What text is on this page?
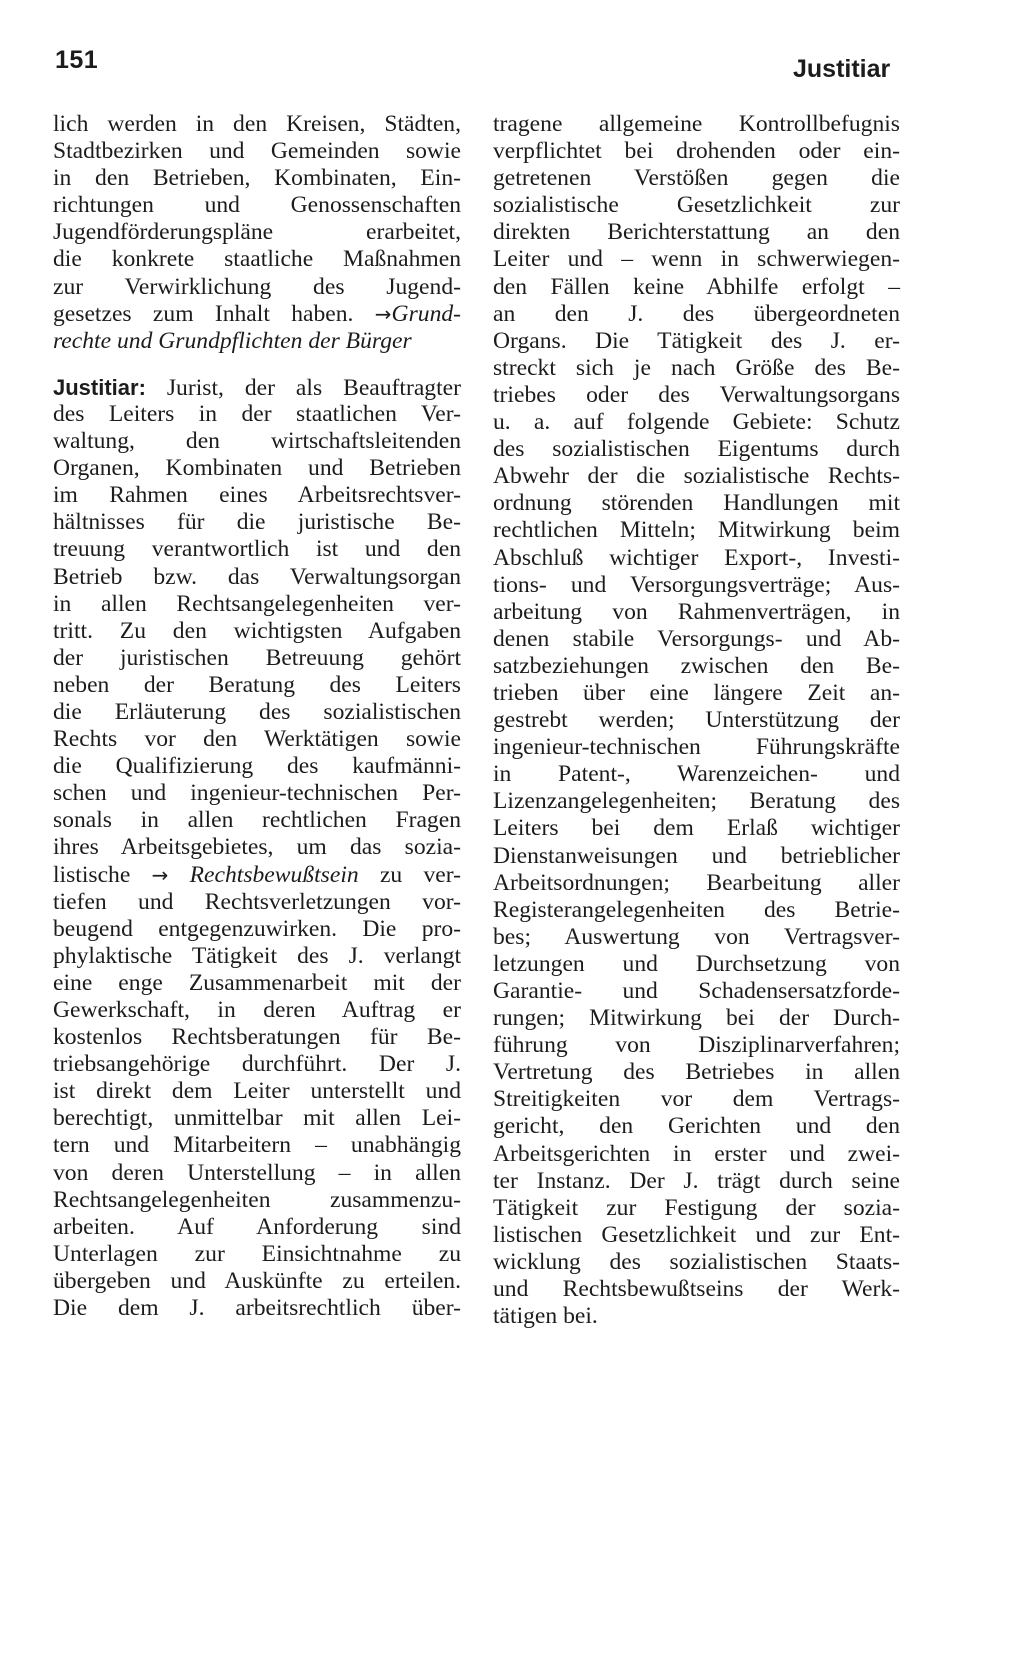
151	Justitiar
lich werden in den Kreisen, Städten,
Stadtbezirken und Gemeinden sowie
in den Betrieben, Kombinaten, Ein-
richtungen und Genossenschaften
Jugendförderungspläne erarbeitet,
die konkrete staatliche Maßnahmen
zur Verwirklichung des Jugend-
gesetzes zum Inhalt haben. →Grund-
rechte und Grundpflichten der Bürger
Justitiar: Jurist, der als Beauftragter
des Leiters in der staatlichen Ver-
waltung, den wirtschaftsleitenden
Organen, Kombinaten und Betrieben
im Rahmen eines Arbeitsrechtsver-
hältnisses für die juristische Be-
treuung verantwortlich ist und den
Betrieb bzw. das Verwaltungsorgan
in allen Rechtsangelegenheiten ver-
tritt. Zu den wichtigsten Aufgaben
der juristischen Betreuung gehört
neben der Beratung des Leiters
die Erläuterung des sozialistischen
Rechts vor den Werktätigen sowie
die Qualifizierung des kaufmänni-
schen und ingenieur-technischen Per-
sonals in allen rechtlichen Fragen
ihres Arbeitsgebietes, um das sozia-
listische → Rechtsbewußtsein zu ver-
tiefen und Rechtsverletzungen vor-
beugend entgegenzuwirken. Die pro-
phylaktische Tätigkeit des J. verlangt
eine enge Zusammenarbeit mit der
Gewerkschaft, in deren Auftrag er
kostenlos Rechtsberatungen für Be-
triebsangehörige durchführt. Der J.
ist direkt dem Leiter unterstellt und
berechtigt, unmittelbar mit allen Lei-
tern und Mitarbeitern – unabhängig
von deren Unterstellung – in allen
Rechtsangelegenheiten zusammenzu-
arbeiten. Auf Anforderung sind
Unterlagen zur Einsichtnahme zu
übergeben und Auskünfte zu erteilen.
Die dem J. arbeitsrechtlich über-
tragene allgemeine Kontrollbefugnis
verpflichtet bei drohenden oder ein-
getretenen Verstößen gegen die
sozialistische Gesetzlichkeit zur
direkten Berichterstattung an den
Leiter und – wenn in schwerwiegen-
den Fällen keine Abhilfe erfolgt –
an den J. des übergeordneten
Organs. Die Tätigkeit des J. er-
streckt sich je nach Größe des Be-
triebes oder des Verwaltungsorgans
u. a. auf folgende Gebiete: Schutz
des sozialistischen Eigentums durch
Abwehr der die sozialistische Rechts-
ordnung störenden Handlungen mit
rechtlichen Mitteln; Mitwirkung beim
Abschluß wichtiger Export-, Investi-
tions- und Versorgungsverträge; Aus-
arbeitung von Rahmenverträgen, in
denen stabile Versorgungs- und Ab-
satzbeziehungen zwischen den Be-
trieben über eine längere Zeit an-
gestrebt werden; Unterstützung der
ingenieur-technischen Führungskräfte
in Patent-, Warenzeichen- und
Lizenzangelegenheiten; Beratung des
Leiters bei dem Erlaß wichtiger
Dienstanweisungen und betrieblicher
Arbeitsordnungen; Bearbeitung aller
Registerangelegenheiten des Betrie-
bes; Auswertung von Vertragsver-
letzungen und Durchsetzung von
Garantie- und Schadensersatzforde-
rungen; Mitwirkung bei der Durch-
führung von Disziplinarverfahren;
Vertretung des Betriebes in allen
Streitigkeiten vor dem Vertrags-
gericht, den Gerichten und den
Arbeitsgerichten in erster und zwei-
ter Instanz. Der J. trägt durch seine
Tätigkeit zur Festigung der sozia-
listischen Gesetzlichkeit und zur Ent-
wicklung des sozialistischen Staats-
und Rechtsbewußtseins der Werk-
tätigen bei.
